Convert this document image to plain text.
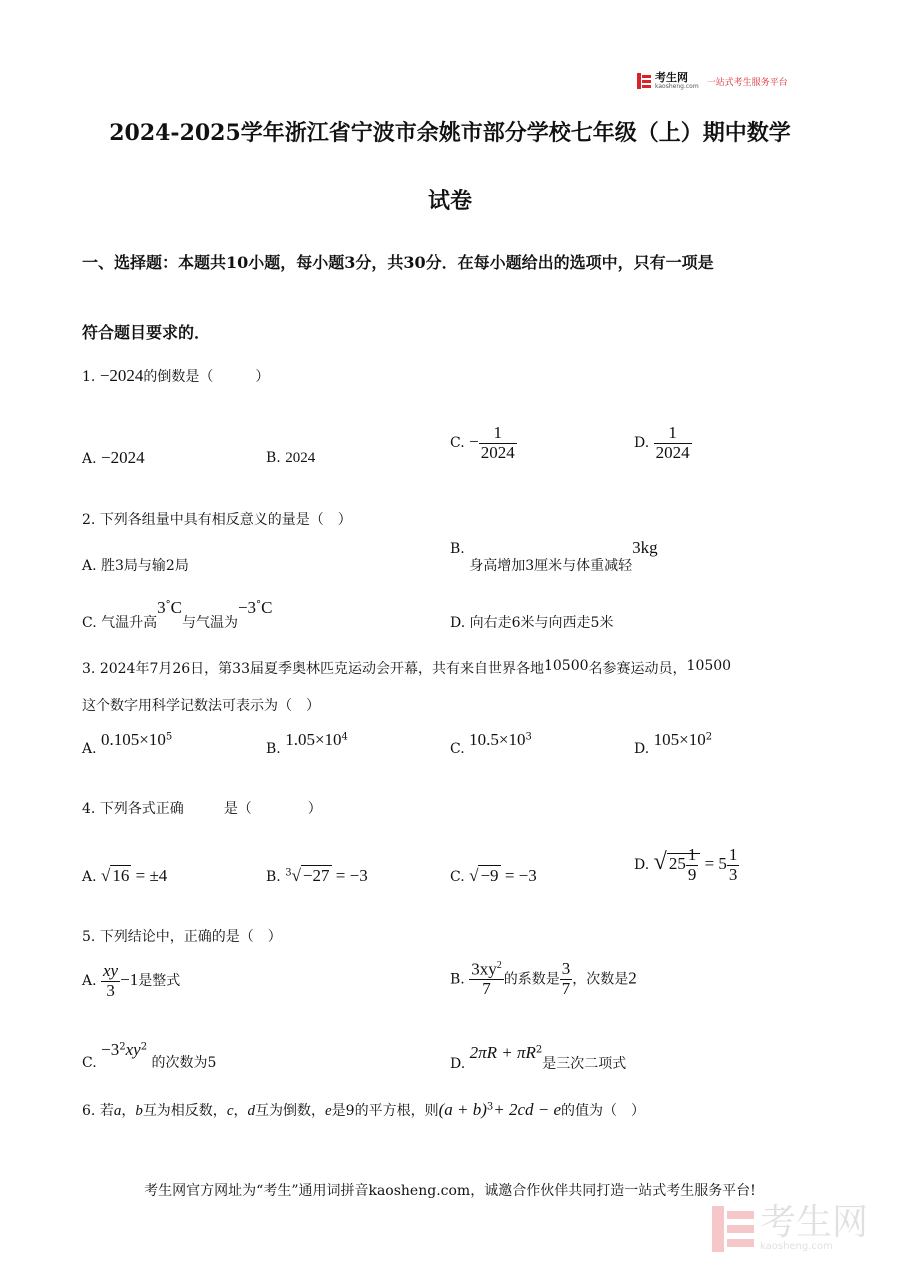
考生网
kaosheng.com 一站式考生服务平台
2024-2025学年浙江省宁波市余姚市部分学校七年级（上）期中数学
试卷
一、选择题：本题共10小题，每小题3分，共30分．在每小题给出的选项中，只有一项是
符合题目要求的．
1. −2024的倒数是（　　　）
A. −2024	B. 2024
C. − $\frac{1}{2024}$	D. $\frac{1}{2024}$
2. 下列各组量中具有相反意义的量是（　）
A. 胜3局与输2局
B. 身高增加3厘米与体重减轻3kg
C. 气温升高3°C与气温为−3°C
D. 向右走6米与向西走5米
3. 2024年7月26日，第33届夏季奥林匹克运动会开幕，共有来自世界各地10500名参赛运动员，10500
这个数字用科学记数法可表示为（　）
A. $0.105\times 10^5$
B. $1.05\times 10^4$
C. $10.5\times 10^3$
D. $105\times 10^2$
4. 下列各式正确	是（　　　　）
A. √ 16 = ±4	B. $^3$√ −27 = −3	C. √ −9 = −3
D. √ $25 \frac{1}{9} = 5 \frac{1}{3}$
5. 下列结论中，正确的是（　）
A. $\frac{xy}{3} -1$是整式	B. $\frac{3xy^2}{7}$ 的系数是 $\frac{3}{7}$ ，次数是2
C. $-3^2xy^2$ 的次数为5	D. $2\pi R + \pi R^2$是三次二项式
6. 若a，b互为相反数，c，d互为倒数，e是9的平方根，则$(a + b)^3+ 2cd - e$的值为（　）
考生网官方网址为“考生”通用词拼音kaosheng.com，诚邀合作伙伴共同打造一站式考生服务平台!
考生网
kaosheng.com
